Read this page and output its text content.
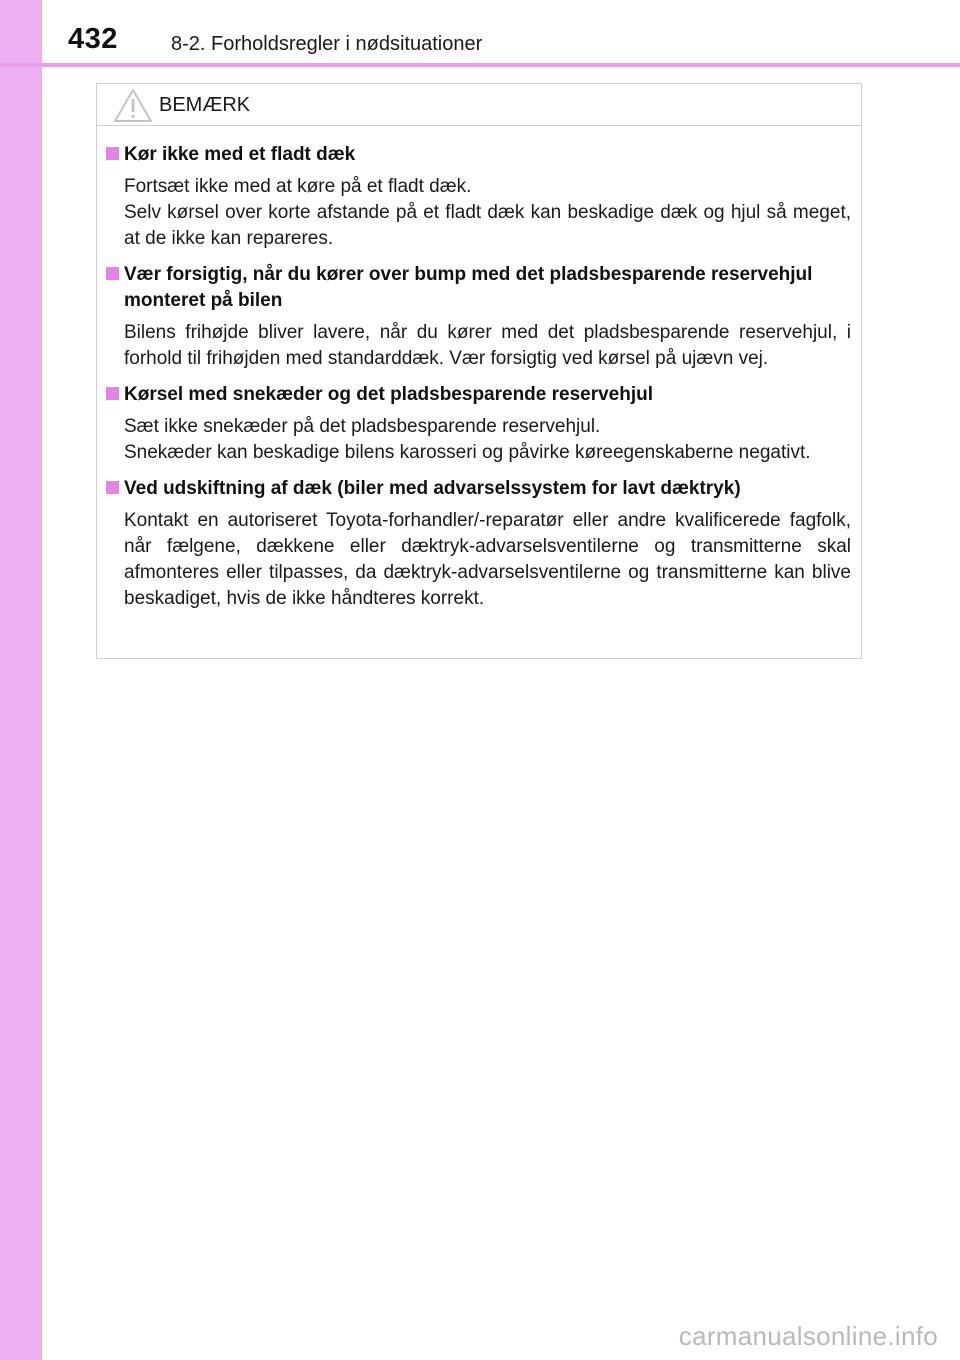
432	8-2. Forholdsregler i nødsituationer
BEMÆRK
Kør ikke med et fladt dæk
Fortsæt ikke med at køre på et fladt dæk.
Selv kørsel over korte afstande på et fladt dæk kan beskadige dæk og hjul så meget, at de ikke kan repareres.
Vær forsigtig, når du kører over bump med det pladsbesparende reservehjul monteret på bilen
Bilens frihøjde bliver lavere, når du kører med det pladsbesparende reservehjul, i forhold til frihøjden med standarddæk. Vær forsigtig ved kørsel på ujævn vej.
Kørsel med snekæder og det pladsbesparende reservehjul
Sæt ikke snekæder på det pladsbesparende reservehjul.
Snekæder kan beskadige bilens karosseri og påvirke køreegenskaberne negativt.
Ved udskiftning af dæk (biler med advarselssystem for lavt dæktryk)
Kontakt en autoriseret Toyota-forhandler/-reparatør eller andre kvalificerede fagfolk, når fælgene, dækkene eller dæktryk-advarselsventilerne og transmitterne skal afmonteres eller tilpasses, da dæktryk-advarselsventilerne og transmitterne kan blive beskadiget, hvis de ikke håndteres korrekt.
carmanualsonline.info
